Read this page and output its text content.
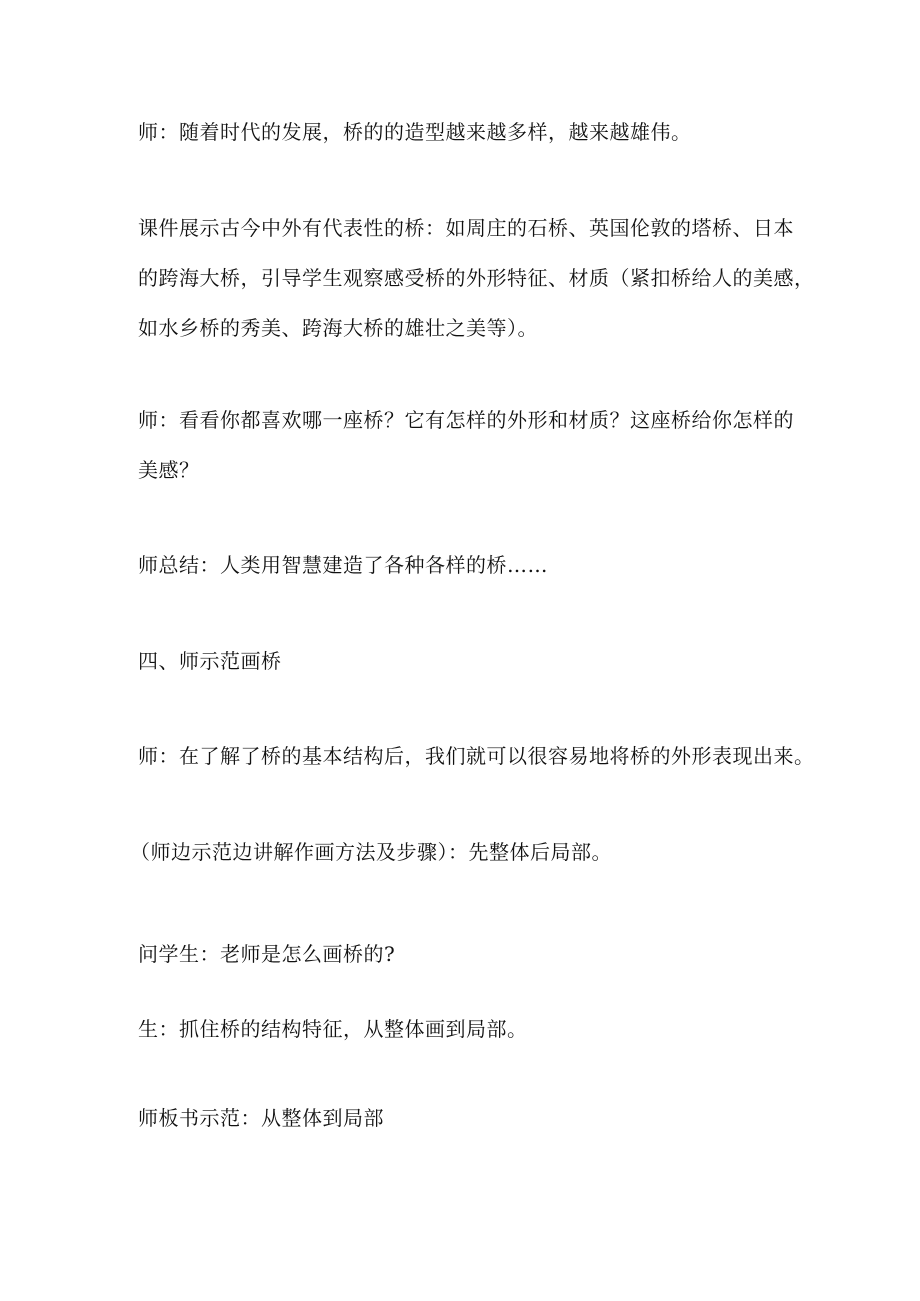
师：随着时代的发展，桥的的造型越来越多样，越来越雄伟。
课件展示古今中外有代表性的桥：如周庄的石桥、英国伦敦的塔桥、日本
的跨海大桥，引导学生观察感受桥的外形特征、材质（紧扣桥给人的美感，
如水乡桥的秀美、跨海大桥的雄壮之美等）。
师：看看你都喜欢哪一座桥？它有怎样的外形和材质？这座桥给你怎样的
美感？
师总结：人类用智慧建造了各种各样的桥……
四、师示范画桥
师：在了解了桥的基本结构后，我们就可以很容易地将桥的外形表现出来。
（师边示范边讲解作画方法及步骤）：先整体后局部。
问学生：老师是怎么画桥的?
生：抓住桥的结构特征，从整体画到局部。
师板书示范：从整体到局部
